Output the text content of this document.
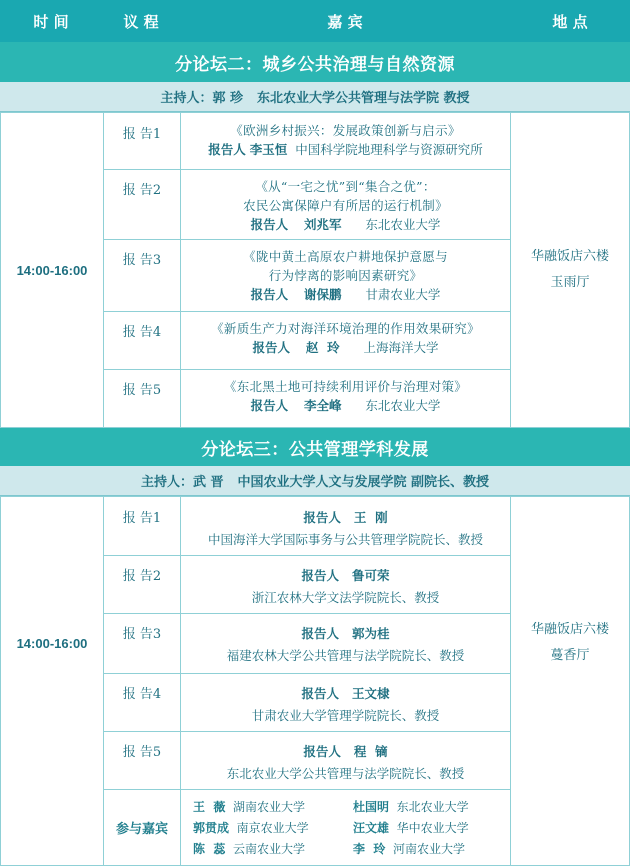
时 间	议 程	嘉 宾	地 点
分论坛二：城乡公共治理与自然资源
主持人： 郭 珍 东北农业大学公共管理与法学院 教授
14:00-16:00
华融饭店六楼
玉雨厅
报 告1	《欧洲乡村振兴：发展政策创新与启示》
报告人 李玉恒 中国科学院地理科学与资源研究所
报 告2	《从“一宅之忧”到“集合之优”：
农民公寓保障户有所居的运行机制》
报告人 刘兆军 东北农业大学
报 告3	《陇中黄土高原农户耕地保护意愿与
行为悖离的影响因素研究》
报告人 谢保鹏 甘肃农业大学
报 告4	《新质生产力对海洋环境治理的作用效果研究》
报告人 赵  玲 上海海洋大学
报 告5	《东北黑土地可持续利用评价与治理对策》
报告人 李全峰 东北农业大学
分论坛三：公共管理学科发展
主持人： 武 晋 中国农业大学人文与发展学院 副院长、教授
14:00-16:00
华融饭店六楼
蔓香厅
报 告1	报告人 王  刚
中国海洋大学国际事务与公共管理学院院长、教授
报 告2	报告人 鲁可荣
浙江农林大学文法学院院长、教授
报 告3	报告人 郭为桂
福建农林大学公共管理与法学院院长、教授
报 告4	报告人 王文棣
甘肃农业大学管理学院院长、教授
报 告5	报告人 程  镝
东北农业大学公共管理与法学院院长、教授
参与嘉宾
王  薇 湖南农业大学	杜国明 东北农业大学
郭贯成 南京农业大学	汪文雄 华中农业大学
陈  蕊 云南农业大学	李  玲 河南农业大学
